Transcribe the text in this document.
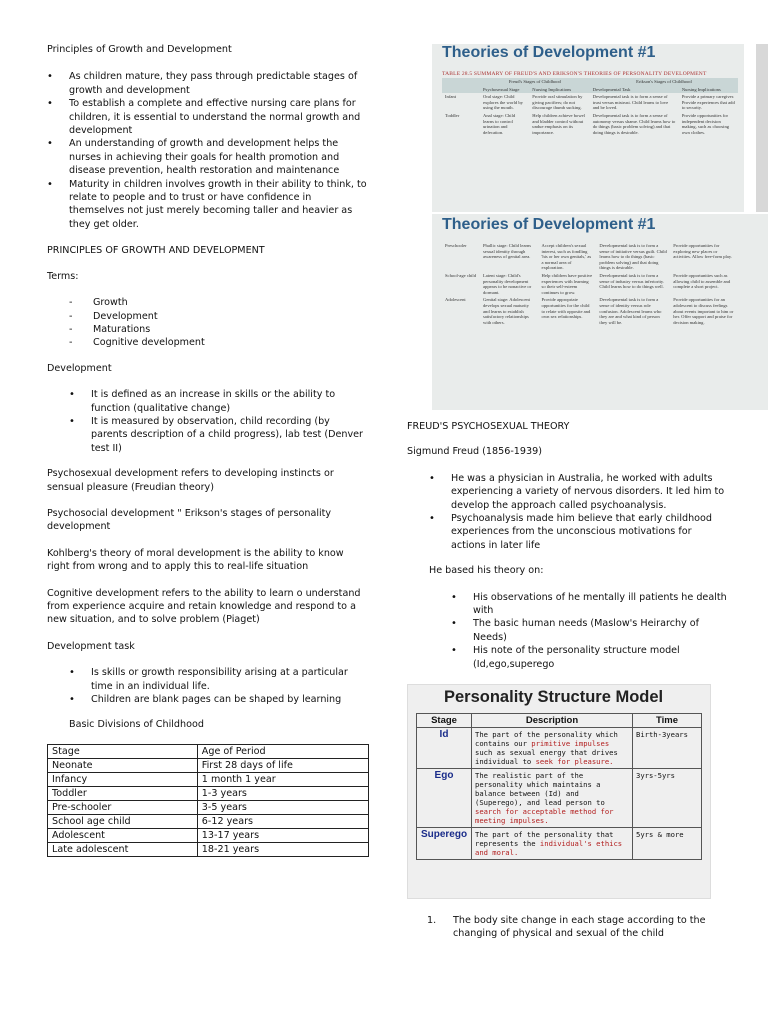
Principles of Growth and Development

• As children mature, they pass through predictable stages of growth and development
• To establish a complete and effective nursing care plans for children, it is essential to understand the normal growth and development
• An understanding of growth and development helps the nurses in achieving their goals for health promotion and disease prevention, health restoration and maintenance
• Maturity in children involves growth in their ability to think, to relate to people and to trust or have confidence in themselves not just merely becoming taller and heavier as they get older.

PRINCIPLES OF GROWTH AND DEVELOPMENT

Terms:

- Growth
- Development
- Maturations
- Cognitive development

Development

• It is defined as an increase in skills or the ability to function (qualitative change)
• It is measured by observation, child recording (by parents description of a child progress), lab test (Denver test II)

Psychosexual development refers to developing instincts or sensual pleasure (Freudian theory)

Psychosocial development " Erikson's stages of personality development

Kohlberg's theory of moral development is the ability to know right from wrong and to apply this to real-life situation

Cognitive development refers to the ability to learn o understand from experience acquire and retain knowledge and respond to a new situation, and to solve problem (Piaget)

Development task

• Is skills or growth responsibility arising at a particular time in an individual life.
• Children are blank pages can be shaped by learning

Basic Divisions of Childhood

Stage	Age of Period
Neonate	First 28 days of life
Infancy	1 month 1 year
Toddler	1-3 years
Pre-schooler	3-5 years
School age child	6-12 years
Adolescent	13-17 years
Late adolescent	18-21 years
Theories of Development #1
TABLE 28.5 SUMMARY OF FREUD'S AND ERIKSON'S THEORIES OF PERSONALITY DEVELOPMENT
	Freud's Stages of Childhood		Erikson's Stages of Childhood	
	Psychosexual Stage	Nursing Implications	Developmental Task	Nursing Implications
Infant	Oral stage: Child explores the world by using the mouth.	Provide oral stimulation by giving pacifiers; do not discourage thumb sucking.	Developmental task is to form a sense of trust versus mistrust. Child learns to love and be loved.	Provide a primary caregiver. Provide experiences that add to security.
Toddler	Anal stage: Child learns to control urination and defecation.	Help children achieve bowel and bladder control without undue emphasis on its importance.	Developmental task is to form a sense of autonomy versus shame. Child learns how to do things (basic problem solving) and that doing things is desirable.	Provide opportunities for independent decision making, such as choosing own clothes.
Theories of Development #1
Preschooler	Phallic stage: Child learns sexual identity through awareness of genital area.	Accept children's sexual interest, such as fondling 'his or her own genitals,' as a normal area of exploration.	Developmental task is to form a sense of initiative versus guilt. Child learns how to do things (basic problem solving) and that doing things is desirable.	Provide opportunities for exploring new places or activities. Allow free-form play.
School-age child	Latent stage: Child's personality development appears to be nonactive or dormant.	Help children have positive experiences with learning so their self-esteem continues to grow.	Developmental task is to form a sense of industry versus inferiority. Child learns how to do things well.	Provide opportunities such as allowing child to assemble and complete a short project.
Adolescent	Genital stage: Adolescent develops sexual maturity and learns to establish satisfactory relationships with others.	Provide appropriate opportunities for the child to relate with opposite and own sex relationships.	Developmental task is to form a sense of identity versus role confusion. Adolescent learns who they are and what kind of person they will be.	Provide opportunities for an adolescent to discuss feelings about events important to him or her. Offer support and praise for decision making.

FREUD'S PSYCHOSEXUAL THEORY

Sigmund Freud (1856-1939)

• He was a physician in Australia, he worked with adults experiencing a variety of nervous disorders. It led him to develop the approach called psychoanalysis.
• Psychoanalysis made him believe that early childhood experiences from the unconscious motivations for actions in later life

He based his theory on:

• His observations of he mentally ill patients he dealth with
• The basic human needs (Maslow's Heirarchy of Needs)
• His note of the personality structure model (Id,ego,superego
Personality Structure Model
Stage	Description	Time
Id	The part of the personality which contains our primitive impulses such as sexual energy that drives individual to seek for pleasure.	Birth-3years
Ego	The realistic part of the personality which maintains a balance between (Id) and (Superego), and lead person to search for acceptable method for meeting impulses.	3yrs-5yrs
Superego	The part of the personality that represents the individual's ethics and moral.	5yrs & more
1. The body site change in each stage according to the changing of physical and sexual of the child
